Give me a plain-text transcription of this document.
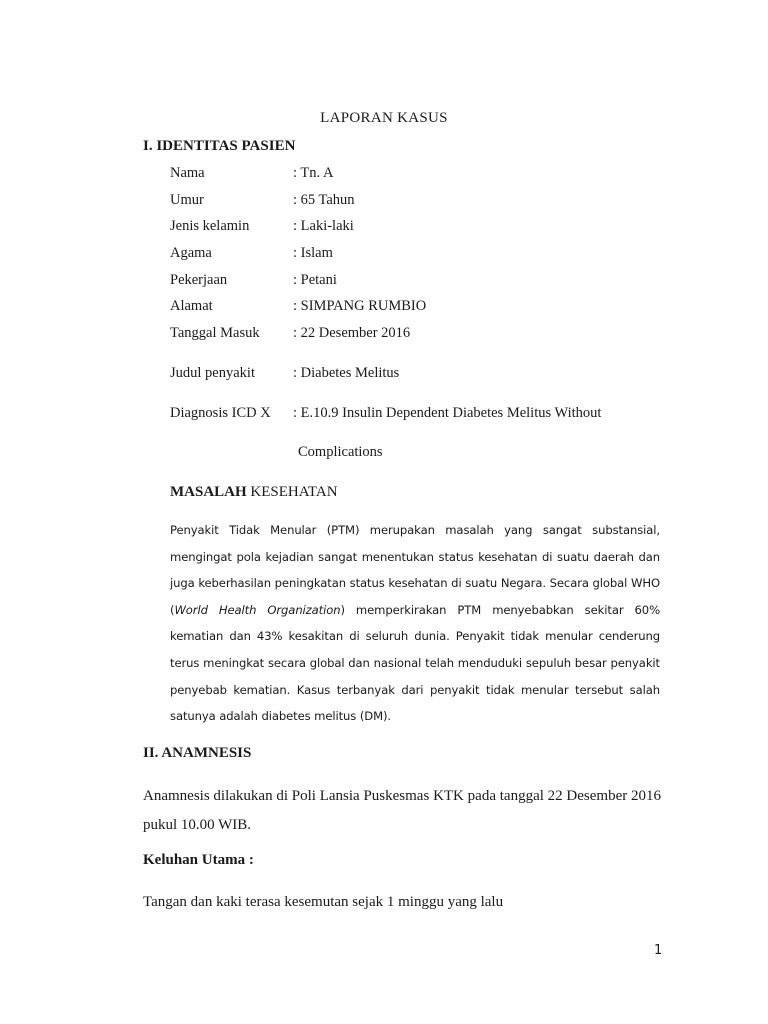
LAPORAN KASUS
I. IDENTITAS PASIEN
Nama	: Tn. A
Umur	: 65 Tahun
Jenis kelamin	: Laki-laki
Agama	: Islam
Pekerjaan	: Petani
Alamat	: SIMPANG RUMBIO
Tanggal Masuk : 22 Desember 2016
Judul penyakit	: Diabetes Melitus
Diagnosis ICD X : E.10.9 Insulin Dependent Diabetes Melitus Without
Complications
MASALAH KESEHATAN
Penyakit Tidak Menular (PTM) merupakan masalah yang sangat substansial, mengingat pola kejadian sangat menentukan status kesehatan di suatu daerah dan juga keberhasilan peningkatan status kesehatan di suatu Negara. Secara global WHO (World Health Organization) memperkirakan PTM menyebabkan sekitar 60% kematian dan 43% kesakitan di seluruh dunia. Penyakit tidak menular cenderung terus meningkat secara global dan nasional telah menduduki sepuluh besar penyakit penyebab kematian. Kasus terbanyak dari penyakit tidak menular tersebut salah satunya adalah diabetes melitus (DM).
II. ANAMNESIS
Anamnesis dilakukan di Poli Lansia Puskesmas KTK pada tanggal 22 Desember 2016 pukul 10.00 WIB.
Keluhan Utama :
Tangan dan kaki terasa kesemutan sejak 1 minggu yang lalu
1
